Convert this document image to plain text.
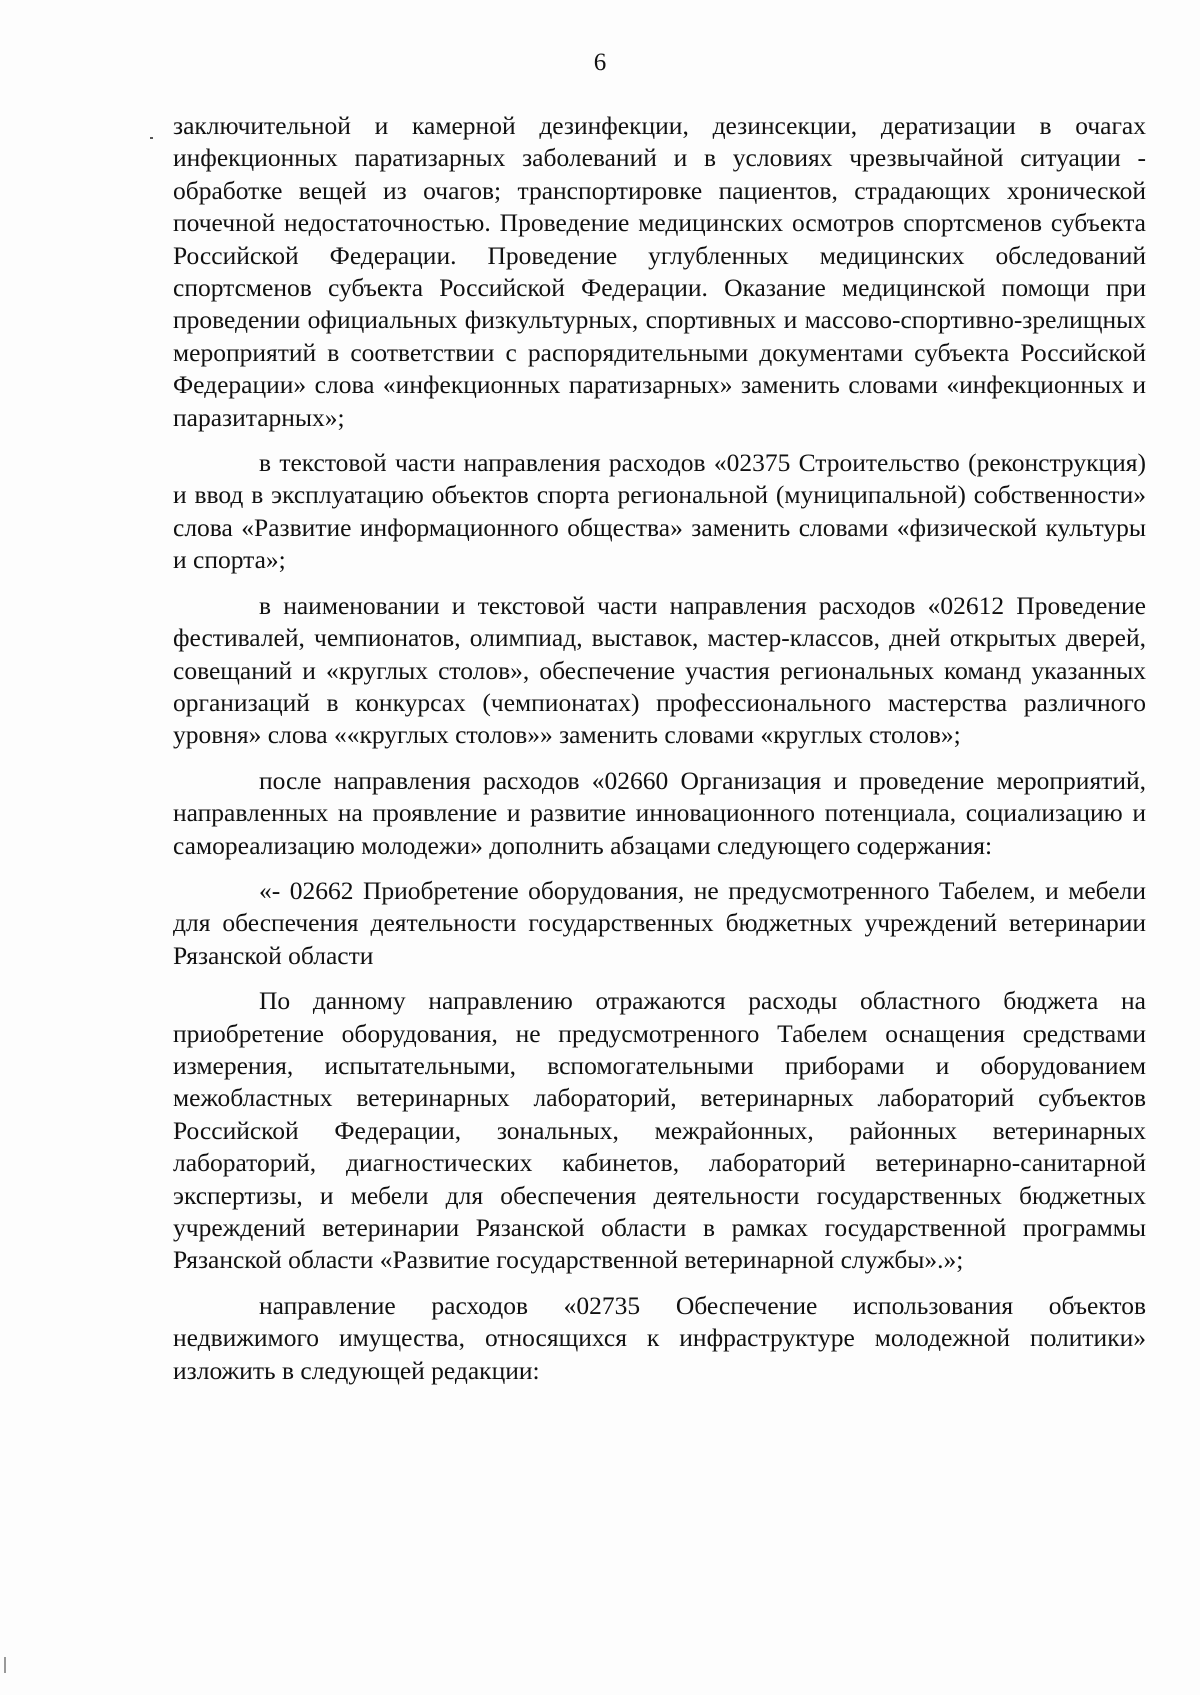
6

заключительной и камерной дезинфекции, дезинсекции, дератизации в очагах инфекционных паратизарных заболеваний и в условиях чрезвычайной ситуации - обработке вещей из очагов; транспортировке пациентов, страдающих хронической почечной недостаточностью. Проведение медицинских осмотров спортсменов субъекта Российской Федерации. Проведение углубленных медицинских обследований спортсменов субъекта Российской Федерации. Оказание медицинской помощи при проведении официальных физкультурных, спортивных и массово-спортивно-зрелищных мероприятий в соответствии с распорядительными документами субъекта Российской Федерации» слова «инфекционных паратизарных» заменить словами «инфекционных и паразитарных»;

в текстовой части направления расходов «02375 Строительство (реконструкция) и ввод в эксплуатацию объектов спорта региональной (муниципальной) собственности» слова «Развитие информационного общества» заменить словами «физической культуры и спорта»;

в наименовании и текстовой части направления расходов «02612 Проведение фестивалей, чемпионатов, олимпиад, выставок, мастер-классов, дней открытых дверей, совещаний и «круглых столов», обеспечение участия региональных команд указанных организаций в конкурсах (чемпионатах) профессионального мастерства различного уровня» слова ««круглых столов»» заменить словами «круглых столов»;

после направления расходов «02660 Организация и проведение мероприятий, направленных на проявление и развитие инновационного потенциала, социализацию и самореализацию молодежи» дополнить абзацами следующего содержания:

«- 02662 Приобретение оборудования, не предусмотренного Табелем, и мебели для обеспечения деятельности государственных бюджетных учреждений ветеринарии Рязанской области

По данному направлению отражаются расходы областного бюджета на приобретение оборудования, не предусмотренного Табелем оснащения средствами измерения, испытательными, вспомогательными приборами и оборудованием межобластных ветеринарных лабораторий, ветеринарных лабораторий субъектов Российской Федерации, зональных, межрайонных, районных ветеринарных лабораторий, диагностических кабинетов, лабораторий ветеринарно-санитарной экспертизы, и мебели для обеспечения деятельности государственных бюджетных учреждений ветеринарии Рязанской области в рамках государственной программы Рязанской области «Развитие государственной ветеринарной службы».»;

направление расходов «02735 Обеспечение использования объектов недвижимого имущества, относящихся к инфраструктуре молодежной политики» изложить в следующей редакции:
